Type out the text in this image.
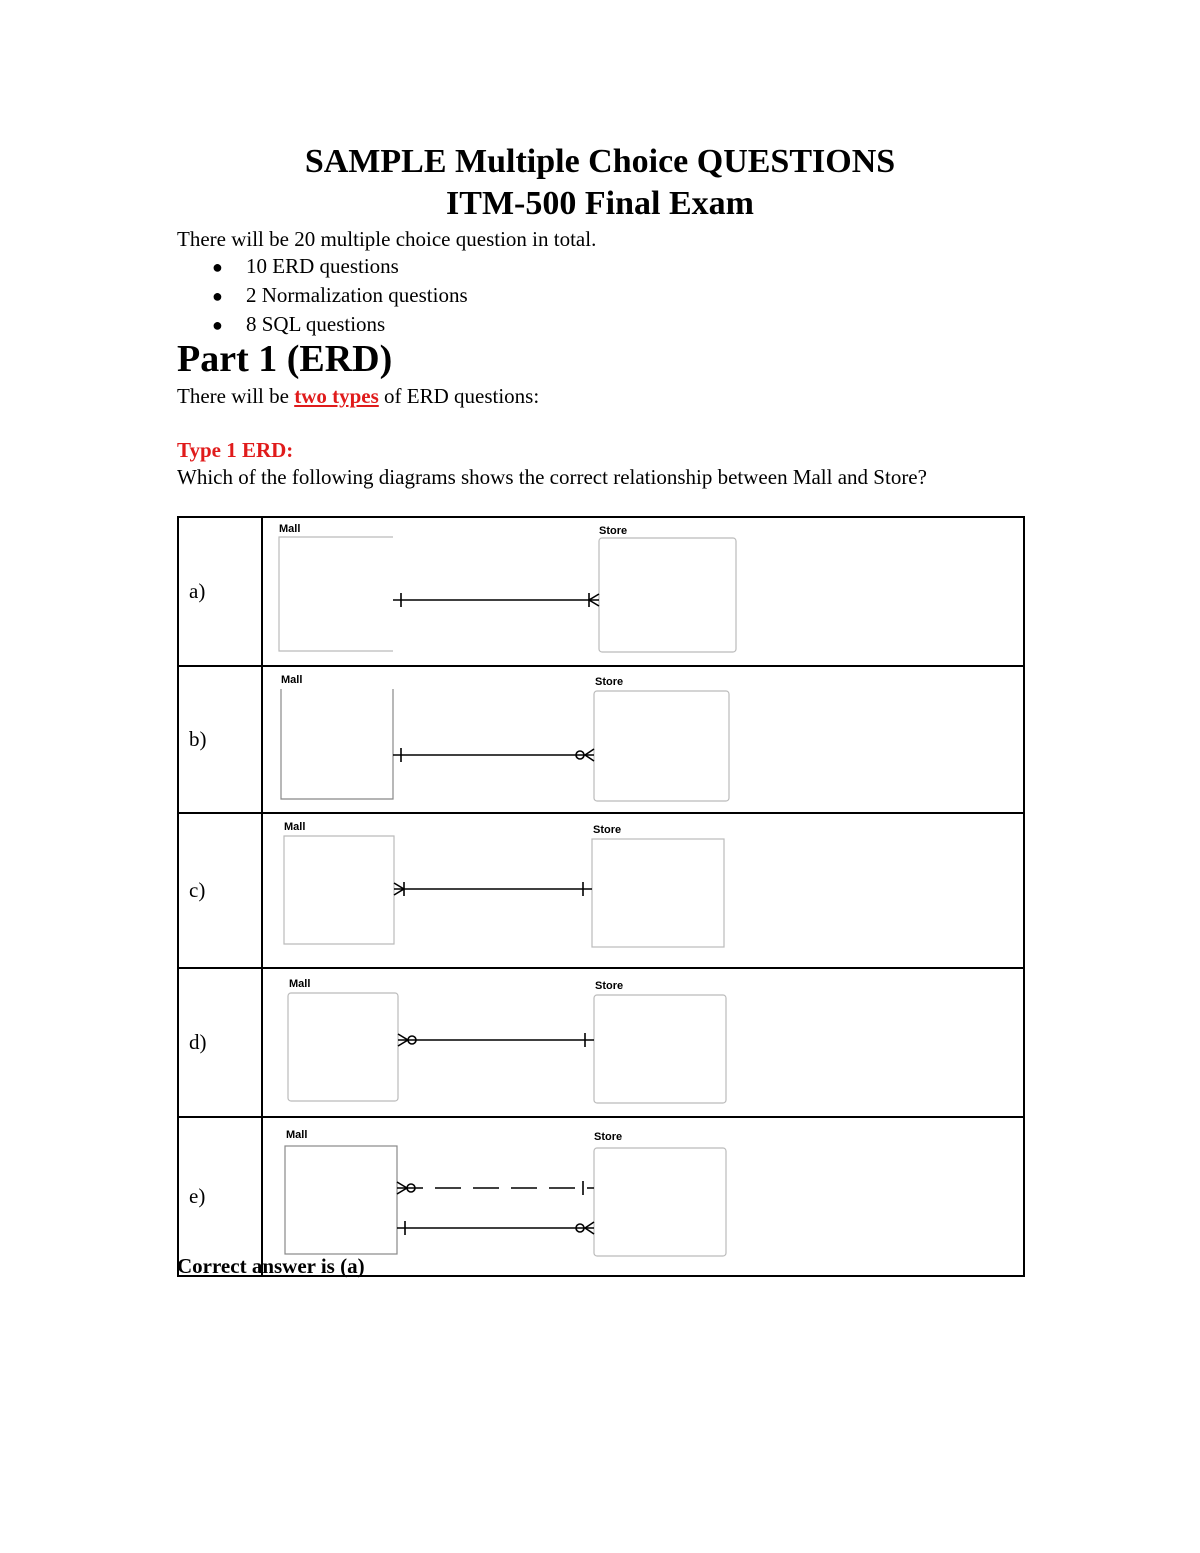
SAMPLE Multiple Choice QUESTIONS
ITM-500 Final Exam
There will be 20 multiple choice question in total.
● 10 ERD questions
● 2 Normalization questions
● 8 SQL questions
Part 1 (ERD)
There will be two types of ERD questions:
Type 1 ERD:
Which of the following diagrams shows the correct relationship between Mall and Store?
a)	Mall Store

b)	Mall Store

c)	Mall Store

d)	Mall Store

e)	Mall Store
Correct answer is (a)
